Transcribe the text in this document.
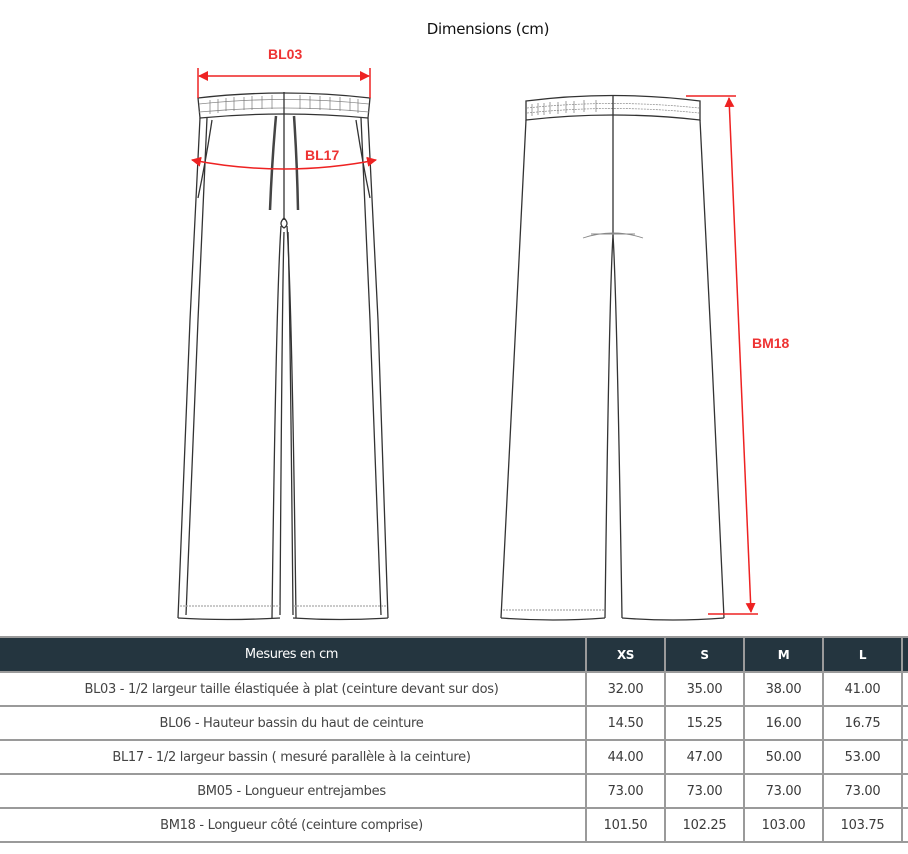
Dimensions (cm)
BL03
BL17
BM18
Mesures en cm	XS	S	M	L	
BL03 - 1/2 largeur taille élastiquée à plat (ceinture devant sur dos)	32.00	35.00	38.00	41.00	
BL06 - Hauteur bassin du haut de ceinture	14.50	15.25	16.00	16.75	
BL17 - 1/2 largeur bassin ( mesuré parallèle à la ceinture)	44.00	47.00	50.00	53.00	
BM05 - Longueur entrejambes	73.00	73.00	73.00	73.00	
BM18 - Longueur côté (ceinture comprise)	101.50	102.25	103.00	103.75	
